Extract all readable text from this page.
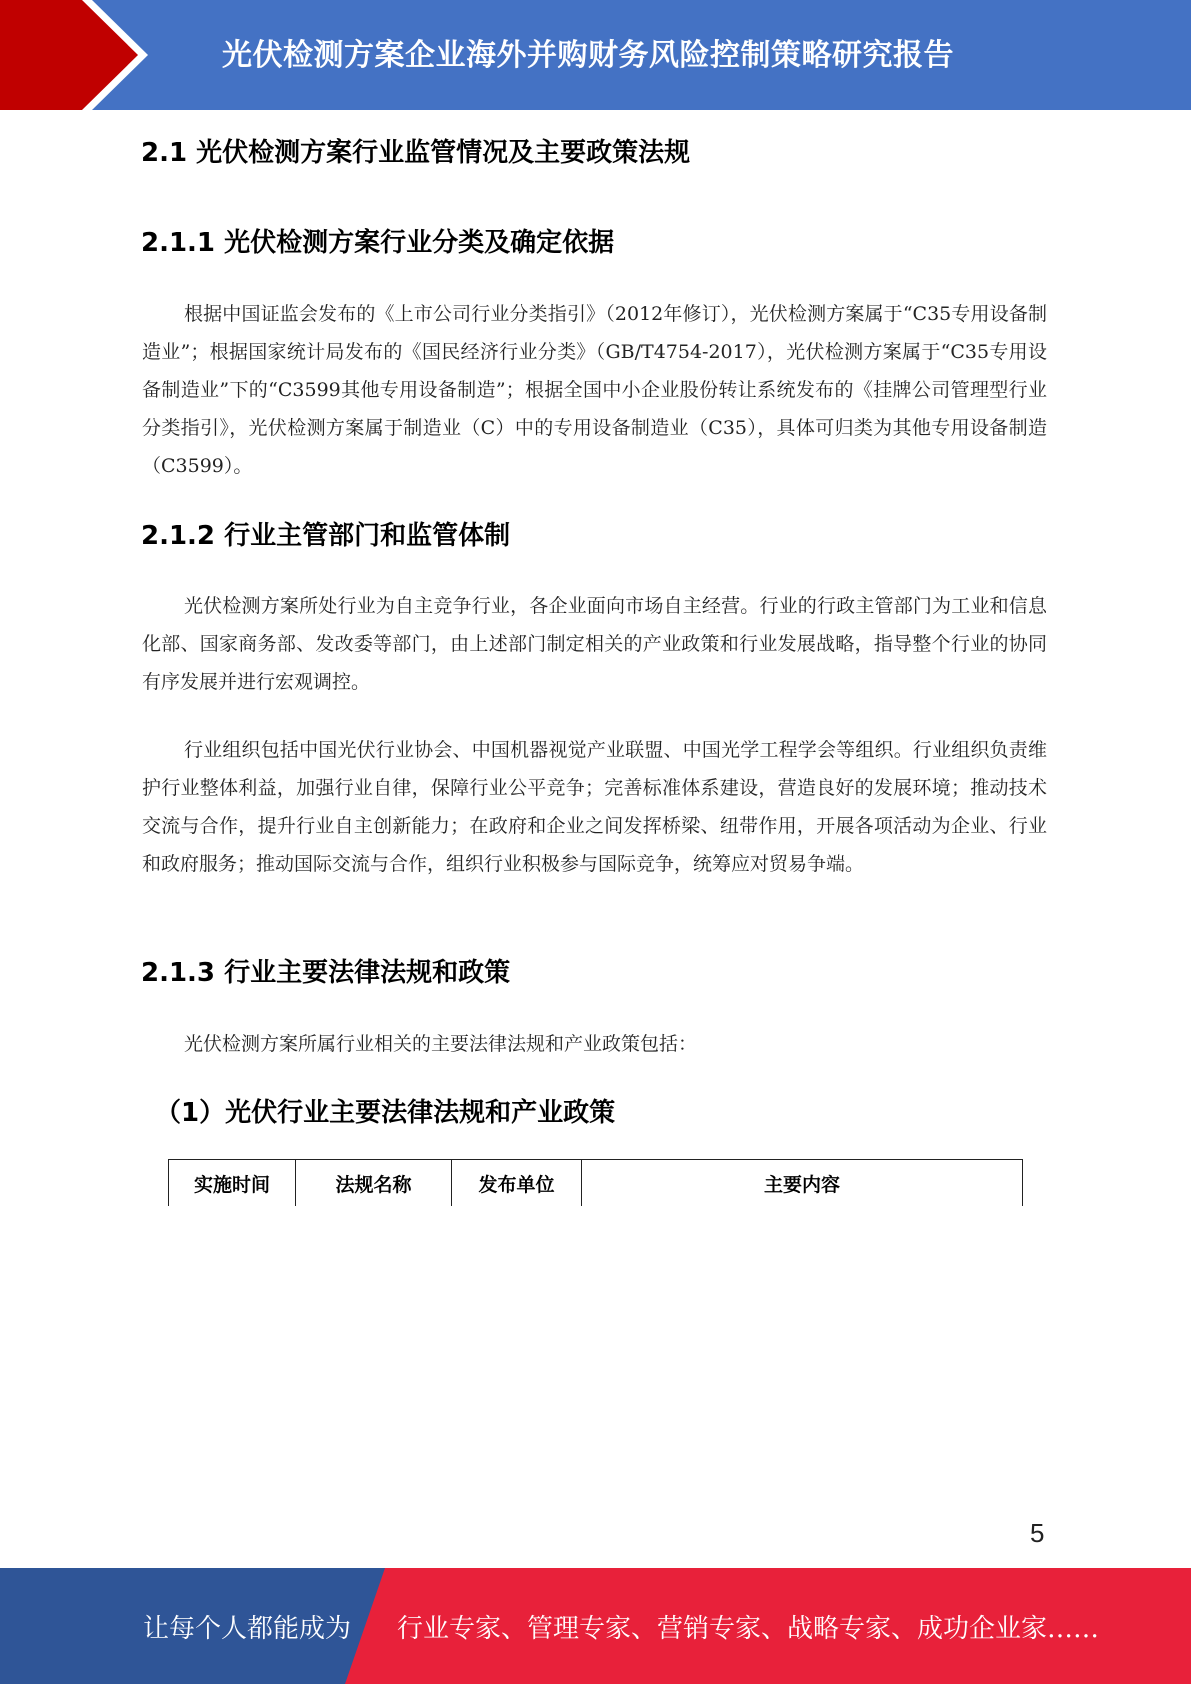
光伏检测方案企业海外并购财务风险控制策略研究报告
2.1 光伏检测方案行业监管情况及主要政策法规
2.1.1 光伏检测方案行业分类及确定依据
根据中国证监会发布的《上市公司行业分类指引》（2012年修订），光伏检测方案属于“C35专用设备制造业”；根据国家统计局发布的《国民经济行业分类》（GB/T4754-2017），光伏检测方案属于“C35专用设备制造业”下的“C3599其他专用设备制造”；根据全国中小企业股份转让系统发布的《挂牌公司管理型行业分类指引》，光伏检测方案属于制造业（C）中的专用设备制造业（C35），具体可归类为其他专用设备制造（C3599）。
2.1.2 行业主管部门和监管体制
光伏检测方案所处行业为自主竞争行业，各企业面向市场自主经营。行业的行政主管部门为工业和信息化部、国家商务部、发改委等部门，由上述部门制定相关的产业政策和行业发展战略，指导整个行业的协同有序发展并进行宏观调控。
行业组织包括中国光伏行业协会、中国机器视觉产业联盟、中国光学工程学会等组织。行业组织负责维护行业整体利益，加强行业自律，保障行业公平竞争；完善标准体系建设，营造良好的发展环境；推动技术交流与合作，提升行业自主创新能力；在政府和企业之间发挥桥梁、纽带作用，开展各项活动为企业、行业和政府服务；推动国际交流与合作，组织行业积极参与国际竞争，统筹应对贸易争端。
2.1.3 行业主要法律法规和政策
光伏检测方案所属行业相关的主要法律法规和产业政策包括：
（1）光伏行业主要法律法规和产业政策
实施时间	法规名称	发布单位	主要内容
5
让每个人都能成为 行业专家、管理专家、营销专家、战略专家、成功企业家……
